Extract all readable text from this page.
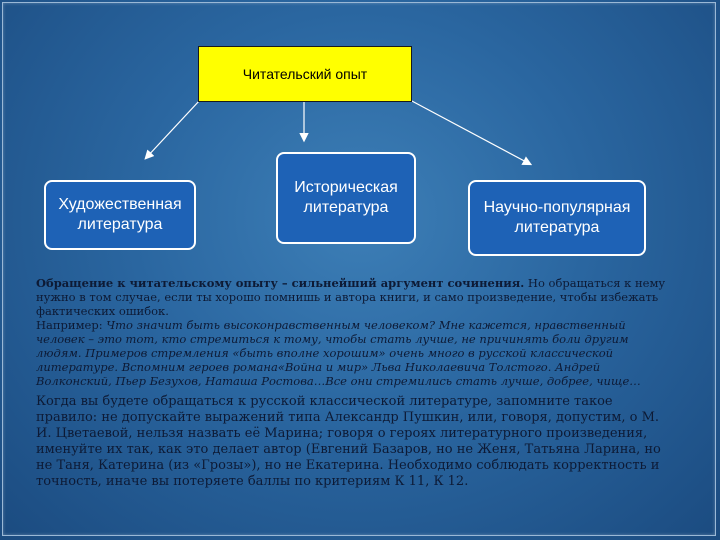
Читательский опыт
Художественная
литература
Историческая
литература	Научно-популярная
литература
Обращение к читательскому опыту – сильнейший аргумент сочинения. Но обращаться к нему нужно в том случае, если ты хорошо помнишь и автора книги, и само произведение, чтобы избежать фактических ошибок.
Например: Что значит быть высоконравственным человеком? Мне кажется, нравственный человек – это тот, кто стремиться к тому, чтобы стать лучше, не причинять боли другим людям. Примеров стремления «быть вполне хорошим» очень много в русской классической литературе. Вспомним героев романа«Война и мир» Льва Николаевича Толстого. Андрей Волконский, Пьер Безухов, Наташа Ростова…Все они стремились стать лучше, добрее, чище…
Когда вы будете обращаться к русской классической литературе, запомните такое правило: не допускайте выражений типа Александр Пушкин, или, говоря, допустим, о М. И. Цветаевой, нельзя назвать её Марина; говоря о героях литературного произведения, именуйте их так, как это делает автор (Евгений Базаров, но не Женя, Татьяна Ларина, но не Таня, Катерина (из «Грозы»), но не Екатерина. Необходимо соблюдать корректность и точность, иначе вы потеряете баллы по критериям К 11, К 12.
